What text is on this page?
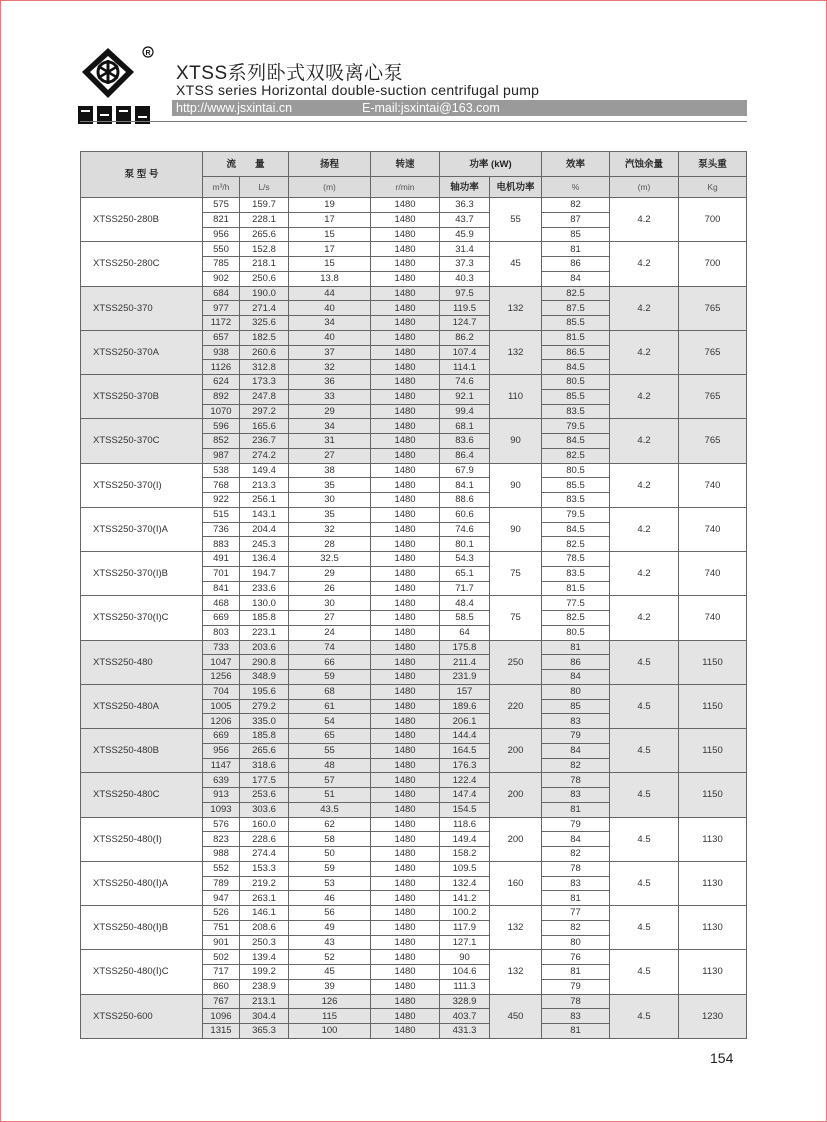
R
XTSS系列卧式双吸离心泵
XTSS series Horizontal double-suction centrifugal pump
http://www.jsxintai.cn	E-mail:jsxintai@163.com
泵 型 号	流　　量		扬程	转速	功率 (kW)		效率	汽蚀余量	泵头重
	m³/h	L/s	(m)	r/min	轴功率	电机功率	%	(m)	Kg
XTSS250-280B	575	159.7	19	1480	36.3	55	82	4.2	700
	821	228.1	17	1480	43.7		87		
	956	265.6	15	1480	45.9		85		
XTSS250-280C	550	152.8	17	1480	31.4	45	81	4.2	700
	785	218.1	15	1480	37.3		86		
	902	250.6	13.8	1480	40.3		84		
XTSS250-370	684	190.0	44	1480	97.5	132	82.5	4.2	765
	977	271.4	40	1480	119.5		87.5		
	1172	325.6	34	1480	124.7		85.5		
XTSS250-370A	657	182.5	40	1480	86.2	132	81.5	4.2	765
	938	260.6	37	1480	107.4		86.5		
	1126	312.8	32	1480	114.1		84.5		
XTSS250-370B	624	173.3	36	1480	74.6	110	80.5	4.2	765
	892	247.8	33	1480	92.1		85.5		
	1070	297.2	29	1480	99.4		83.5		
XTSS250-370C	596	165.6	34	1480	68.1	90	79.5	4.2	765
	852	236.7	31	1480	83.6		84.5		
	987	274.2	27	1480	86.4		82.5		
XTSS250-370(I)	538	149.4	38	1480	67.9	90	80.5	4.2	740
	768	213.3	35	1480	84.1		85.5		
	922	256.1	30	1480	88.6		83.5		
XTSS250-370(I)A	515	143.1	35	1480	60.6	90	79.5	4.2	740
	736	204.4	32	1480	74.6		84.5		
	883	245.3	28	1480	80.1		82.5		
XTSS250-370(I)B	491	136.4	32.5	1480	54.3	75	78.5	4.2	740
	701	194.7	29	1480	65.1		83.5		
	841	233.6	26	1480	71.7		81.5		
XTSS250-370(I)C	468	130.0	30	1480	48.4	75	77.5	4.2	740
	669	185.8	27	1480	58.5		82.5		
	803	223.1	24	1480	64		80.5		
XTSS250-480	733	203.6	74	1480	175.8	250	81	4.5	1150
	1047	290.8	66	1480	211.4		86		
	1256	348.9	59	1480	231.9		84		
XTSS250-480A	704	195.6	68	1480	157	220	80	4.5	1150
	1005	279.2	61	1480	189.6		85		
	1206	335.0	54	1480	206.1		83		
XTSS250-480B	669	185.8	65	1480	144.4	200	79	4.5	1150
	956	265.6	55	1480	164.5		84		
	1147	318.6	48	1480	176.3		82		
XTSS250-480C	639	177.5	57	1480	122.4	200	78	4.5	1150
	913	253.6	51	1480	147.4		83		
	1093	303.6	43.5	1480	154.5		81		
XTSS250-480(Ⅰ)	576	160.0	62	1480	118.6	200	79	4.5	1130
	823	228.6	58	1480	149.4		84		
	988	274.4	50	1480	158.2		82		
XTSS250-480(Ⅰ)A	552	153.3	59	1480	109.5	160	78	4.5	1130
	789	219.2	53	1480	132.4		83		
	947	263.1	46	1480	141.2		81		
XTSS250-480(Ⅰ)B	526	146.1	56	1480	100.2	132	77	4.5	1130
	751	208.6	49	1480	117.9		82		
	901	250.3	43	1480	127.1		80		
XTSS250-480(Ⅰ)C	502	139.4	52	1480	90	132	76	4.5	1130
	717	199.2	45	1480	104.6		81		
	860	238.9	39	1480	111.3		79		
XTSS250-600	767	213.1	126	1480	328.9	450	78	4.5	1230
	1096	304.4	115	1480	403.7		83		
	1315	365.3	100	1480	431.3		81		
154
